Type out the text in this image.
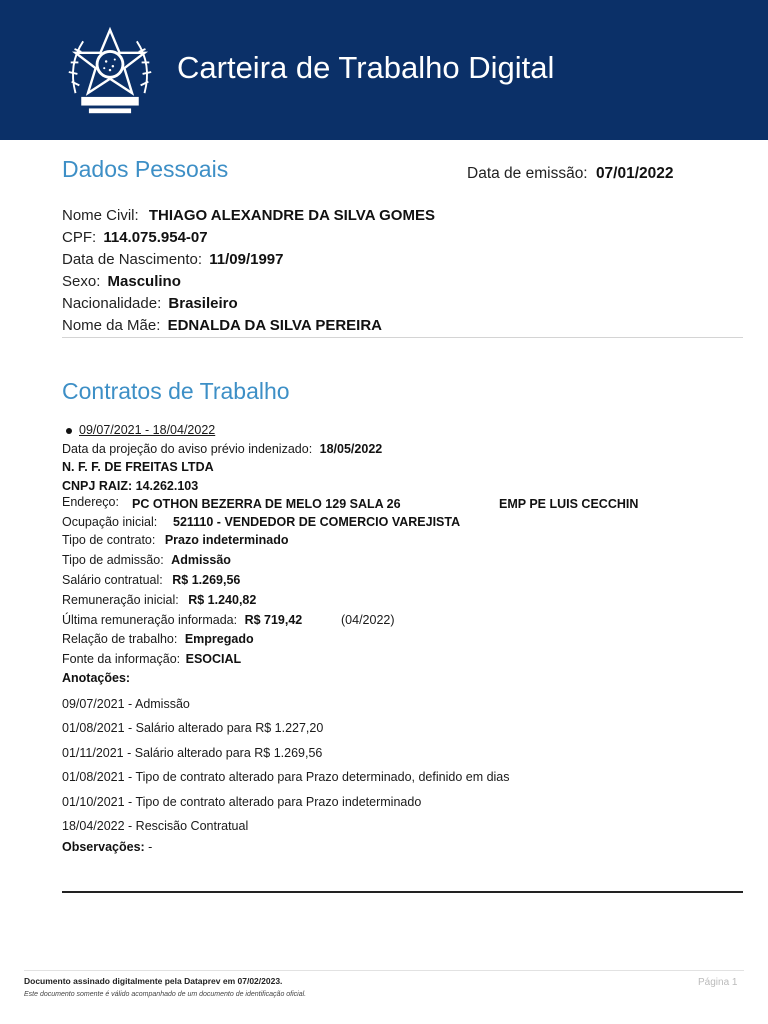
Carteira de Trabalho Digital
Dados Pessoais	Data de emissão: 07/01/2022
Nome Civil: THIAGO ALEXANDRE DA SILVA GOMES
CPF: 114.075.954-07
Data de Nascimento: 11/09/1997
Sexo: Masculino
Nacionalidade: Brasileiro
Nome da Mãe: EDNALDA DA SILVA PEREIRA
Contratos de Trabalho
09/07/2021 - 18/04/2022
Data da projeção do aviso prévio indenizado: 18/05/2022
N. F. F. DE FREITAS LTDA
CNPJ RAIZ: 14.262.103
Endereço: PC OTHON BEZERRA DE MELO 129 SALA 26	EMP PE LUIS CECCHIN
Ocupação inicial: 521110 - VENDEDOR DE COMERCIO VAREJISTA
Tipo de contrato: Prazo indeterminado
Tipo de admissão: Admissão
Salário contratual: R$ 1.269,56
Remuneração inicial: R$ 1.240,82
Última remuneração informada: R$ 719,42	(04/2022)
Relação de trabalho: Empregado
Fonte da informação: ESOCIAL
Anotações:
09/07/2021 - Admissão
01/08/2021 - Salário alterado para R$ 1.227,20
01/11/2021 - Salário alterado para R$ 1.269,56
01/08/2021 - Tipo de contrato alterado para Prazo determinado, definido em dias
01/10/2021 - Tipo de contrato alterado para Prazo indeterminado
18/04/2022 - Rescisão Contratual
Observações: -
Documento assinado digitalmente pela Dataprev em 07/02/2023.
Este documento somente é válido acompanhado de um documento de identificação oficial.
Página 1
